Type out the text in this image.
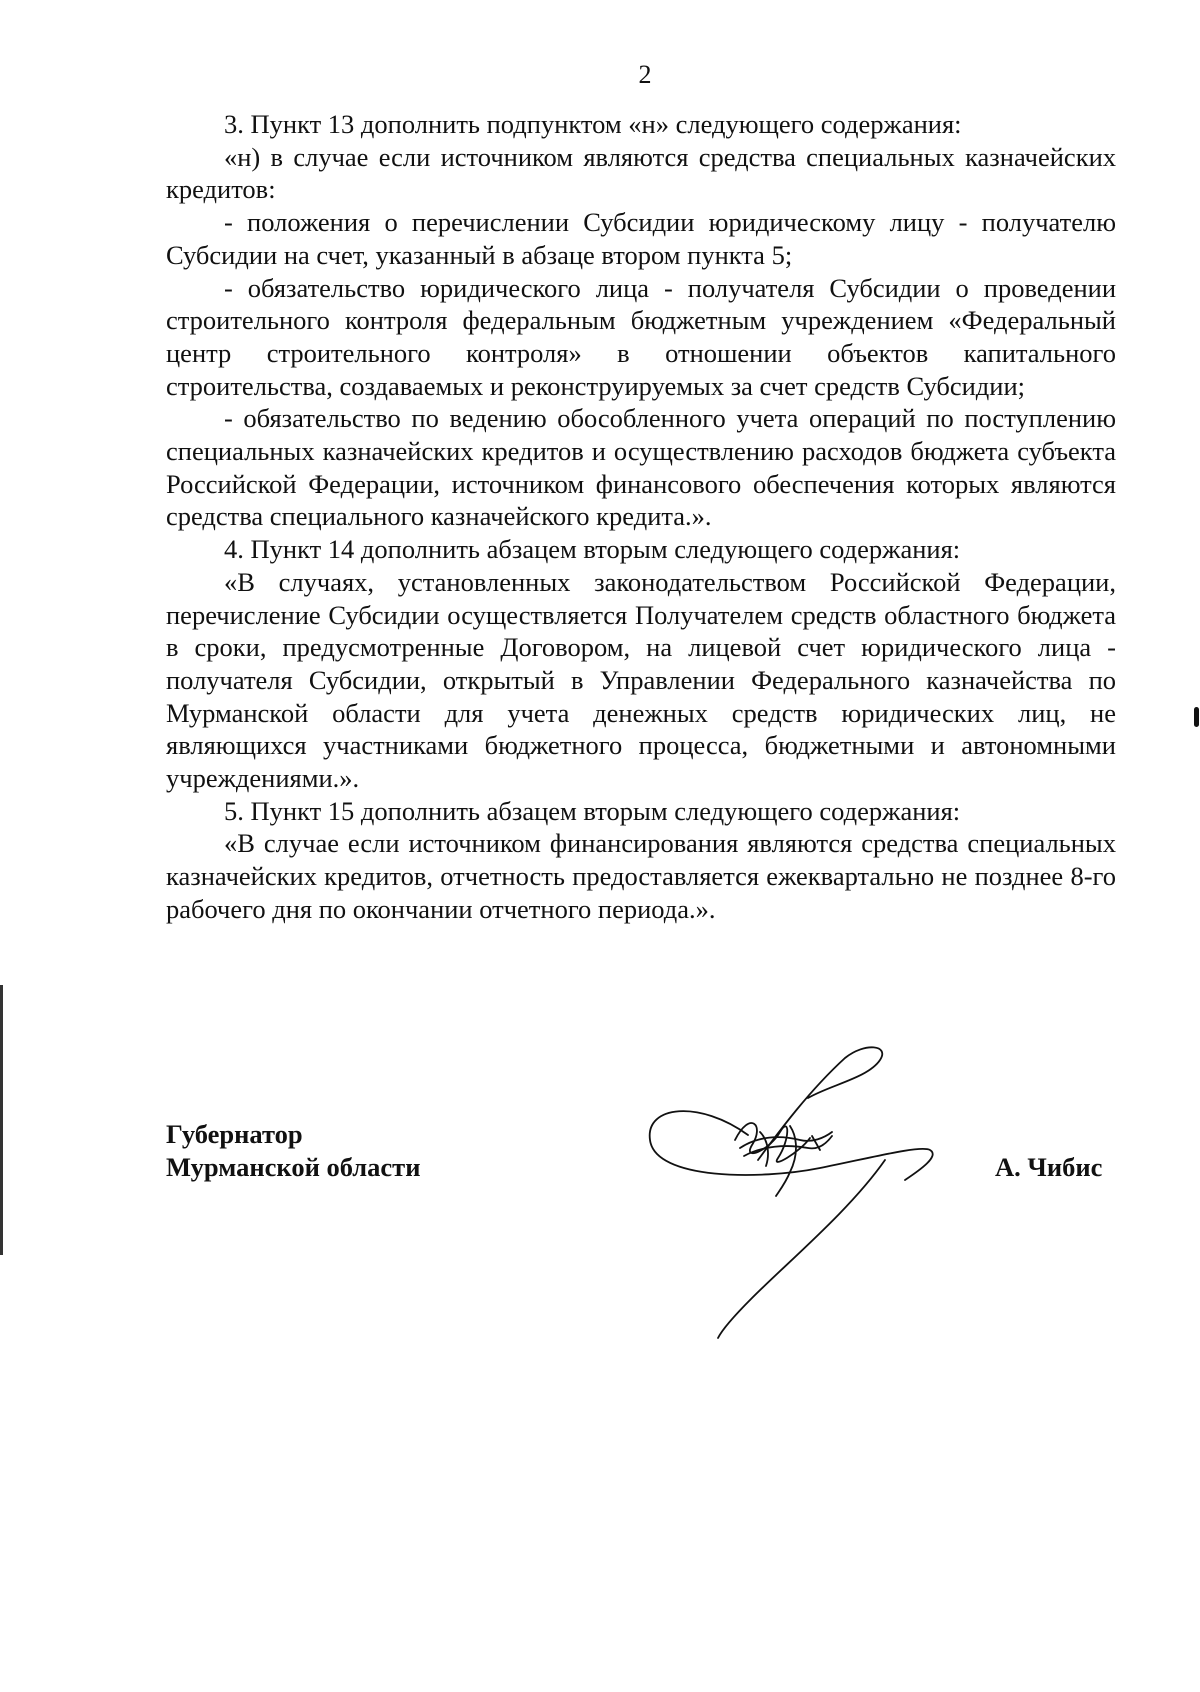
2

3. Пункт 13 дополнить подпунктом «н» следующего содержания:

«н) в случае если источником являются средства специальных казначейских кредитов:

- положения о перечислении Субсидии юридическому лицу - получателю Субсидии на счет, указанный в абзаце втором пункта 5;

- обязательство юридического лица - получателя Субсидии о проведении строительного контроля федеральным бюджетным учреждением «Федеральный центр строительного контроля» в отношении объектов капитального строительства, создаваемых и реконструируемых за счет средств Субсидии;

- обязательство по ведению обособленного учета операций по поступлению специальных казначейских кредитов и осуществлению расходов бюджета субъекта Российской Федерации, источником финансового обеспечения которых являются средства специального казначейского кредита.».

4. Пункт 14 дополнить абзацем вторым следующего содержания:

«В случаях, установленных законодательством Российской Федерации, перечисление Субсидии осуществляется Получателем средств областного бюджета в сроки, предусмотренные Договором, на лицевой счет юридического лица - получателя Субсидии, открытый в Управлении Федерального казначейства по Мурманской области для учета денежных средств юридических лиц, не являющихся участниками бюджетного процесса, бюджетными и автономными учреждениями.».

5. Пункт 15 дополнить абзацем вторым следующего содержания:

«В случае если источником финансирования являются средства специальных казначейских кредитов, отчетность предоставляется ежеквартально не позднее 8-го рабочего дня по окончании отчетного периода.».

Губернатор
Мурманской области	А. Чибис
